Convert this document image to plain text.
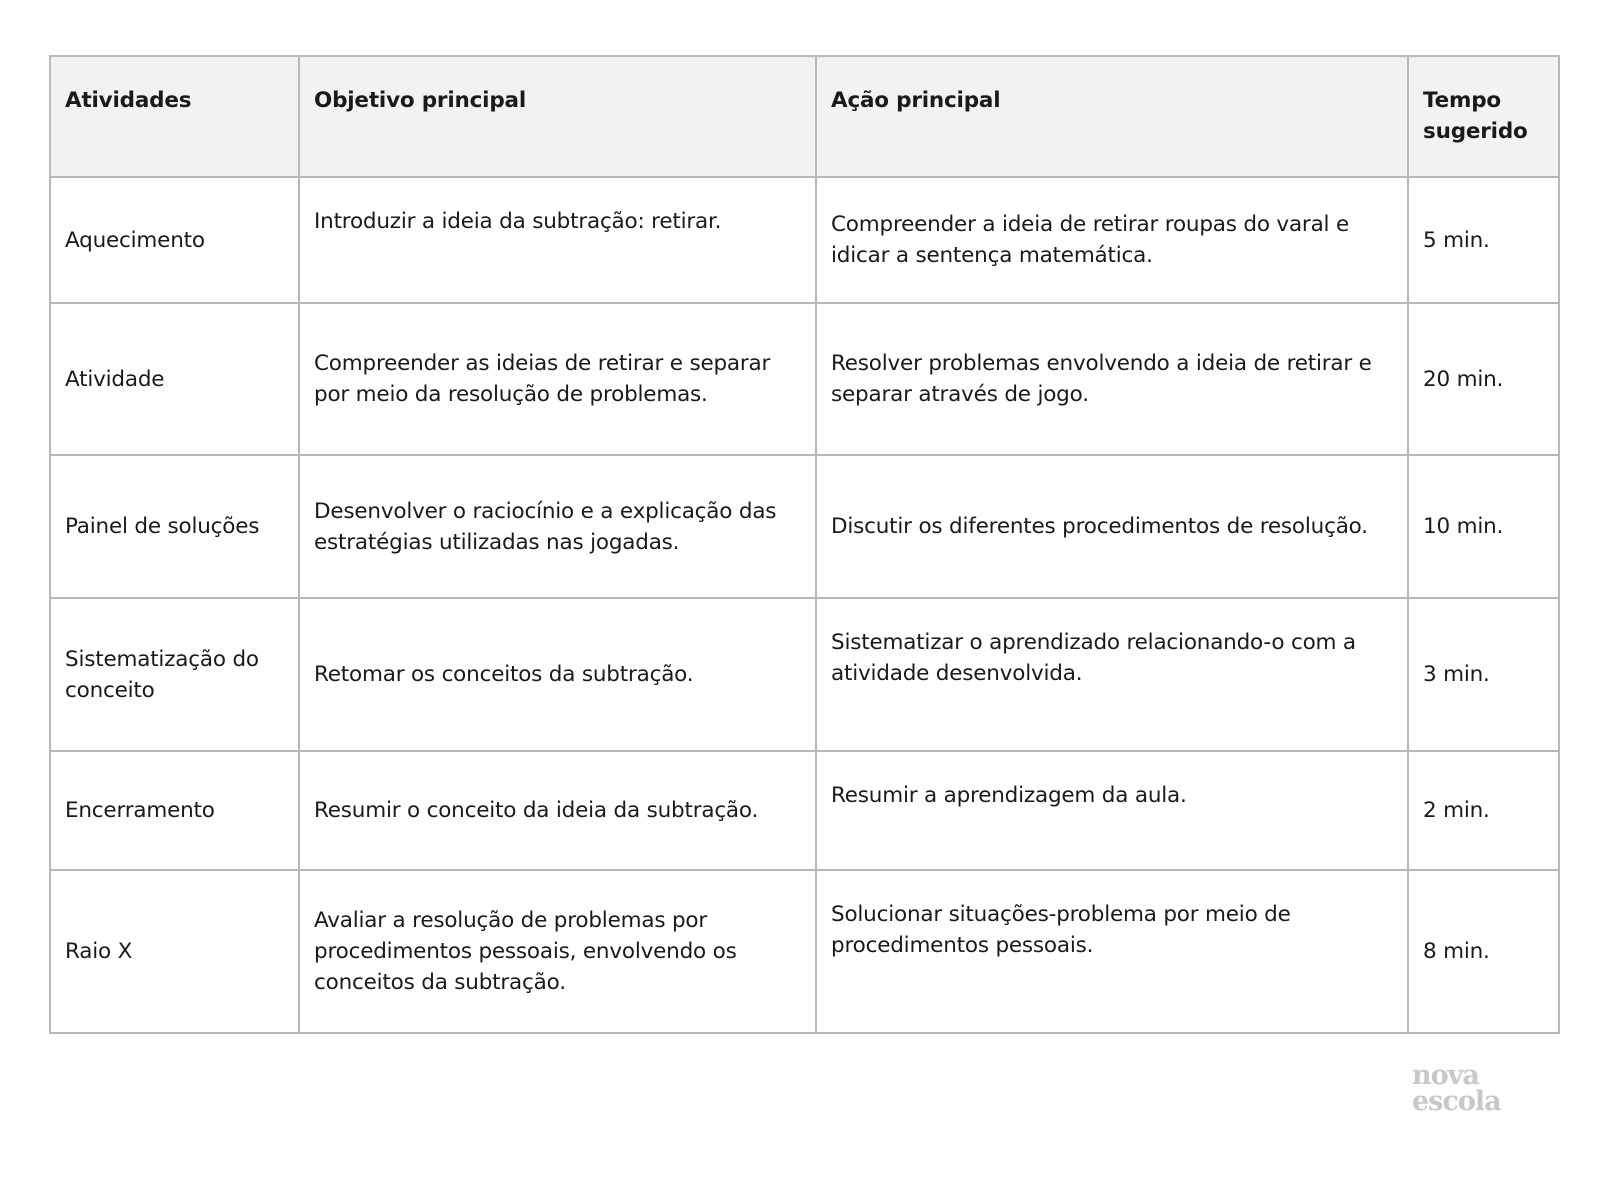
Atividades	Objetivo principal	Ação principal	Tempo sugerido
Aquecimento	Introduzir a ideia da subtração: retirar.	Compreender a ideia de retirar roupas do varal e idicar a sentença matemática.	5 min.
Atividade	Compreender as ideias de retirar e separar por meio da resolução de problemas.	Resolver problemas envolvendo a ideia de retirar e separar através de jogo.	20 min.
Painel de soluções	Desenvolver o raciocínio e a explicação das estratégias utilizadas nas jogadas.	Discutir os diferentes procedimentos de resolução.	10 min.
Sistematização do conceito	Retomar os conceitos da subtração.	Sistematizar o aprendizado relacionando-o com a atividade desenvolvida.	3 min.
Encerramento	Resumir o conceito da ideia da subtração.	Resumir a aprendizagem da aula.	2 min.
Raio X	Avaliar a resolução de problemas por procedimentos pessoais, envolvendo os conceitos da subtração.	Solucionar situações-problema por meio de procedimentos pessoais.	8 min.
nova
escola
